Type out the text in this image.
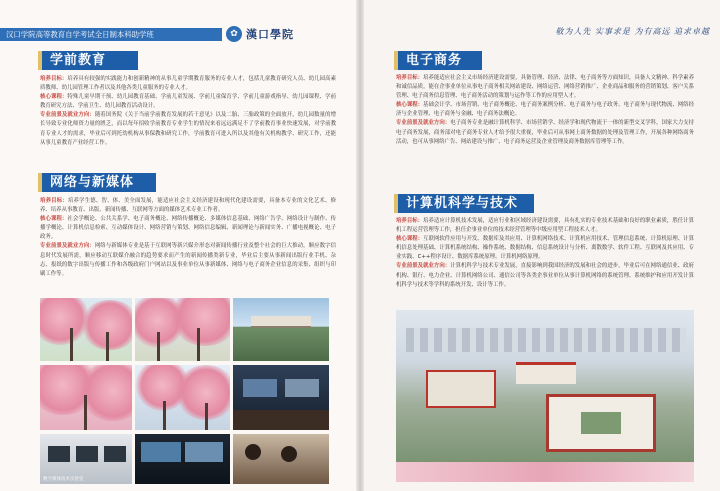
汉口学院高等教育自学考试全日制本科助学班	✿ 漢口學院
学前教育

培养目标：培养具有较强的实践能力和创新精神的从事儿童学期教育服务的专业人才，包括儿童教育研究人员、幼儿园高素质教师、幼儿园管理工作者以及其他各类儿童服务的专业人才。

核心课程：特殊儿童早期干预、幼儿园教育基础、学前儿童发展、学前儿童保育学、学前儿童游戏指导、幼儿园课程、学前教育研究方法、学前卫生、幼儿园教育活动设计。

专业前景及就业方向：随着国务院《关于当前学前教育发展的若干意见》以及二胎、三胎政策的全面放开，幼儿园数量的增长导致专业化师资力量的匮乏，而以每年招收学前教育专业学生的情况来看远远满足不了学前教育事业快速发展，对学前教育专业人才的需求，毕业后可到托幼机构从事保教和研究工作，学前教育可进入所以及其他有关机构教学、研究工作，还能从事儿童教育产业经营工作。

网络与新媒体

培养目标：培养学生德、智、体、美全面发展，能适应社会主义经济建设和现代化建设需要，具备本专业的文化艺术、修养、培养从事教育、出版、新闻传播、互联网等方面的媒体艺术专业工作者。

核心课程：社会学概论、公共关系学、电子商务概论、网络传播概论、多媒体信息基础、网络广告学、网络设计与制作、传播学概论、计算机信息检索、互动媒体设计、网络营销与策划、网络信息编辑、新闻理论与新闻实务、广播电视概论、电子政务。

专业前景及就业方向：网络与新媒体专业是基于互联网等新兴媒介形态对新闻传播行业及整个社会的巨大推动，顺应数字信息时代发展所需，顺应移动互联媒介融合的趋势要求而产生的新闻传播类新专业，毕业后主要从事新闻出版行业手机、杂志、报纸的数字出版与传播工作和各级政府门户网站以及事业单位从事新媒体、网络与电子商务企业信息的采集、组织与印刷工作等。

数字媒体技术实验室
敬为人先 实事求是 为有高远 追求卓越
电子商务

培养目标：培养能适应社会主义市场经济建设需要，具备管理、经济、法律、电子商务等方面知识，具备人文精神、科学素养和诚信品质，能在企事业单位从事电子商务相关网站建设、网络运营、网络营销推广、企业商品和服务的营销策划、客户关系管理、电子商务信息管理、电子商务活动的策划与运作等工作的应用型人才。

核心课程：基础会计学、市场营销、电子商务概论、电子商务案例分析、电子商务与电子政务、电子商务与现代物流、网络经济与企业管理、电子商务与金融、电子商务法概论。

专业前景及就业方向：电子商务专业是融计算机科学、市场营销学、经济学和现代物流于一体的新型交叉学科，国家大力支持电子商务发展，商务部对电子商务专业人才给予很大重视，毕业后可从事网上商务数据的处理及管理工作，开展各种网络商务活动，也可从事网络广告、网站建设与推广、电子商务运营及企业管理及商务数据库管理等工作。

计算机科学与技术

培养目标：培养适应计算机技术发展，适应行业和区域经济建设需要，具有扎实的专业技术基础和良好的职业素质，胜任计算机工程运营管理等工作，担任企事业单位的技术经营管理等中级应用型工程技术人才。

核心课程：互联网软件应用与开发、数据库及其应用、计算机网络技术、计算机应用技术、管理信息系统、计算机原理、计算机信息处理基础、计算机系统结构、操作系统、数据结构、信息系统设计与分析、离散数学、软件工程、互联网及其应用、专业实践、C++程序设计、数据库系统原理、计算机网络原理。

专业前景及就业方向：计算机科学与技术专业发展，直接影响到我国经济的发展和社会的进步，毕业后可在网络通信业、政府机构、银行、电力企业、计算机网络公司、通信公司等各类企事业单位从事计算机网络的系统管理、系统维护和应用开发计算机科学与技术等学科的系统开发、设计等工作。
